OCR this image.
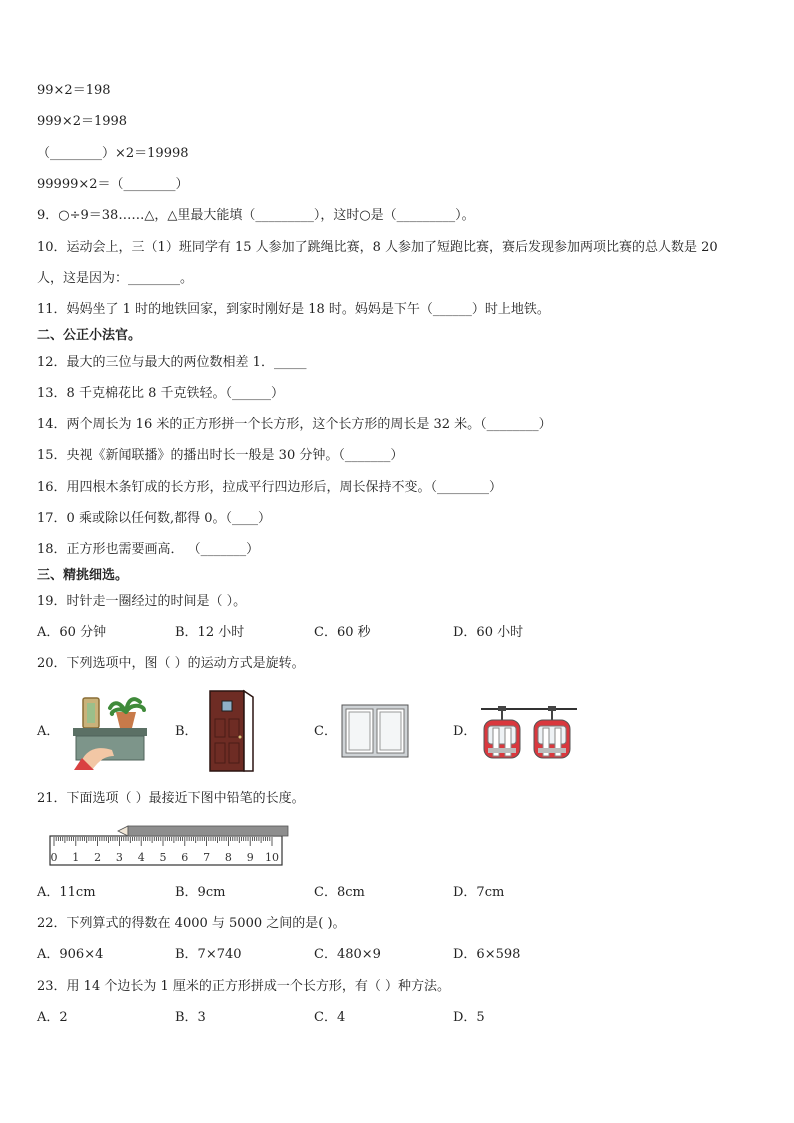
99×2＝198
999×2＝1998
（________）×2＝19998
99999×2＝（________）
9．○÷9＝38……△，△里最大能填（_________），这时○是（_________）。
10．运动会上，三（1）班同学有 15 人参加了跳绳比赛，8 人参加了短跑比赛，赛后发现参加两项比赛的总人数是 20
人，这是因为：________。
11．妈妈坐了 1 时的地铁回家，到家时刚好是 18 时。妈妈是下午（______）时上地铁。
二、公正小法官。
12．最大的三位与最大的两位数相差 1．_____
13．8 千克棉花比 8 千克铁轻。（______）
14．两个周长为 16 米的正方形拼一个长方形，这个长方形的周长是 32 米。（________）
15．央视《新闻联播》的播出时长一般是 30 分钟。（_______）
16．用四根木条钉成的长方形，拉成平行四边形后，周长保持不变。（________）
17．0 乘或除以任何数,都得 0。（____）
18．正方形也需要画高． （_______）
三、精挑细选。
19．时针走一圈经过的时间是（ ）。
A．60 分钟	B．12 小时	C．60 秒	D．60 小时
20．下列选项中，图（ ）的运动方式是旋转。
A．	B．	C．	D．
21．下面选项（ ）最接近下图中铅笔的长度。
0 1 2 3 4 5 6 7 8 9 10
A．11cm	B．9cm	C．8cm	D．7cm
22．下列算式的得数在 4000 与 5000 之间的是( )。
A．906×4	B．7×740	C．480×9	D．6×598
23．用 14 个边长为 1 厘米的正方形拼成一个长方形，有（ ）种方法。
A．2	B．3	C．4	D．5
